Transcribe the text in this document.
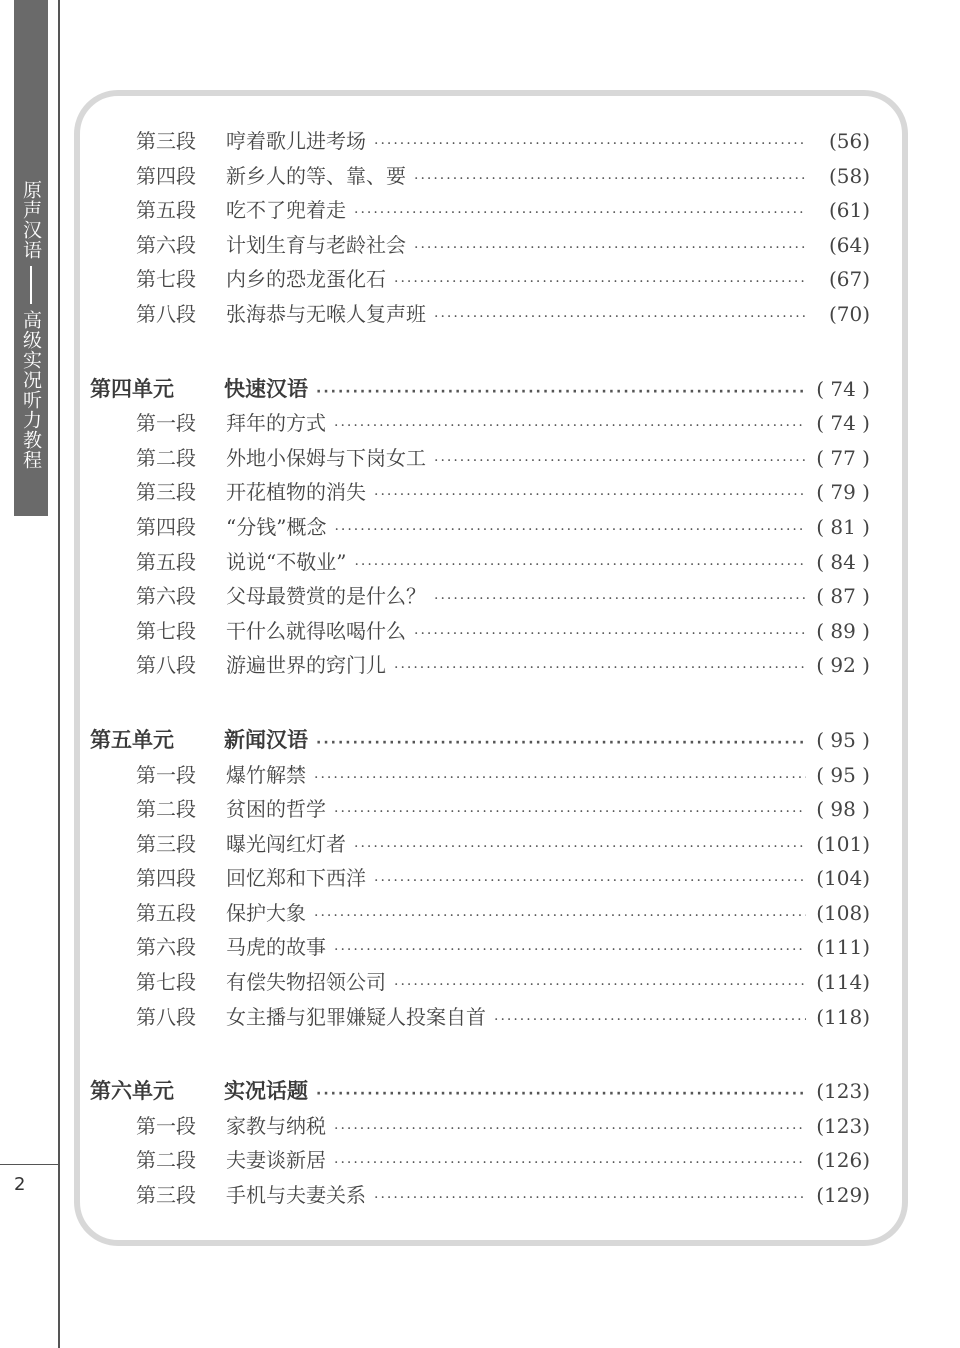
原声汉语
高级实况听力教程
2
第三段	哼着歌儿进考场 ·····	(56)
第四段	新乡人的等、靠、要 ·····	(58)
第五段	吃不了兜着走 ·····	(61)
第六段	计划生育与老龄社会 ·····	(64)
第七段	内乡的恐龙蛋化石 ·····	(67)
第八段	张海恭与无喉人复声班 ·····	(70)
第四单元	快速汉语 ·····	( 74 )
第一段	拜年的方式 ·····	( 74 )
第二段	外地小保姆与下岗女工 ·····	( 77 )
第三段	开花植物的消失 ·····	( 79 )
第四段	“分钱”概念 ·····	( 81 )
第五段	说说“不敬业” ·····	( 84 )
第六段	父母最赞赏的是什么？ ·····	( 87 )
第七段	干什么就得吆喝什么 ·····	( 89 )
第八段	游遍世界的窍门儿 ·····	( 92 )
第五单元	新闻汉语 ·····	( 95 )
第一段	爆竹解禁 ·····	( 95 )
第二段	贫困的哲学 ·····	( 98 )
第三段	曝光闯红灯者 ·····	(101)
第四段	回忆郑和下西洋 ·····	(104)
第五段	保护大象 ·····	(108)
第六段	马虎的故事 ·····	(111)
第七段	有偿失物招领公司 ·····	(114)
第八段	女主播与犯罪嫌疑人投案自首 ·····	(118)
第六单元	实况话题 ·····	(123)
第一段	家教与纳税 ·····	(123)
第二段	夫妻谈新居 ·····	(126)
第三段	手机与夫妻关系 ·····	(129)
